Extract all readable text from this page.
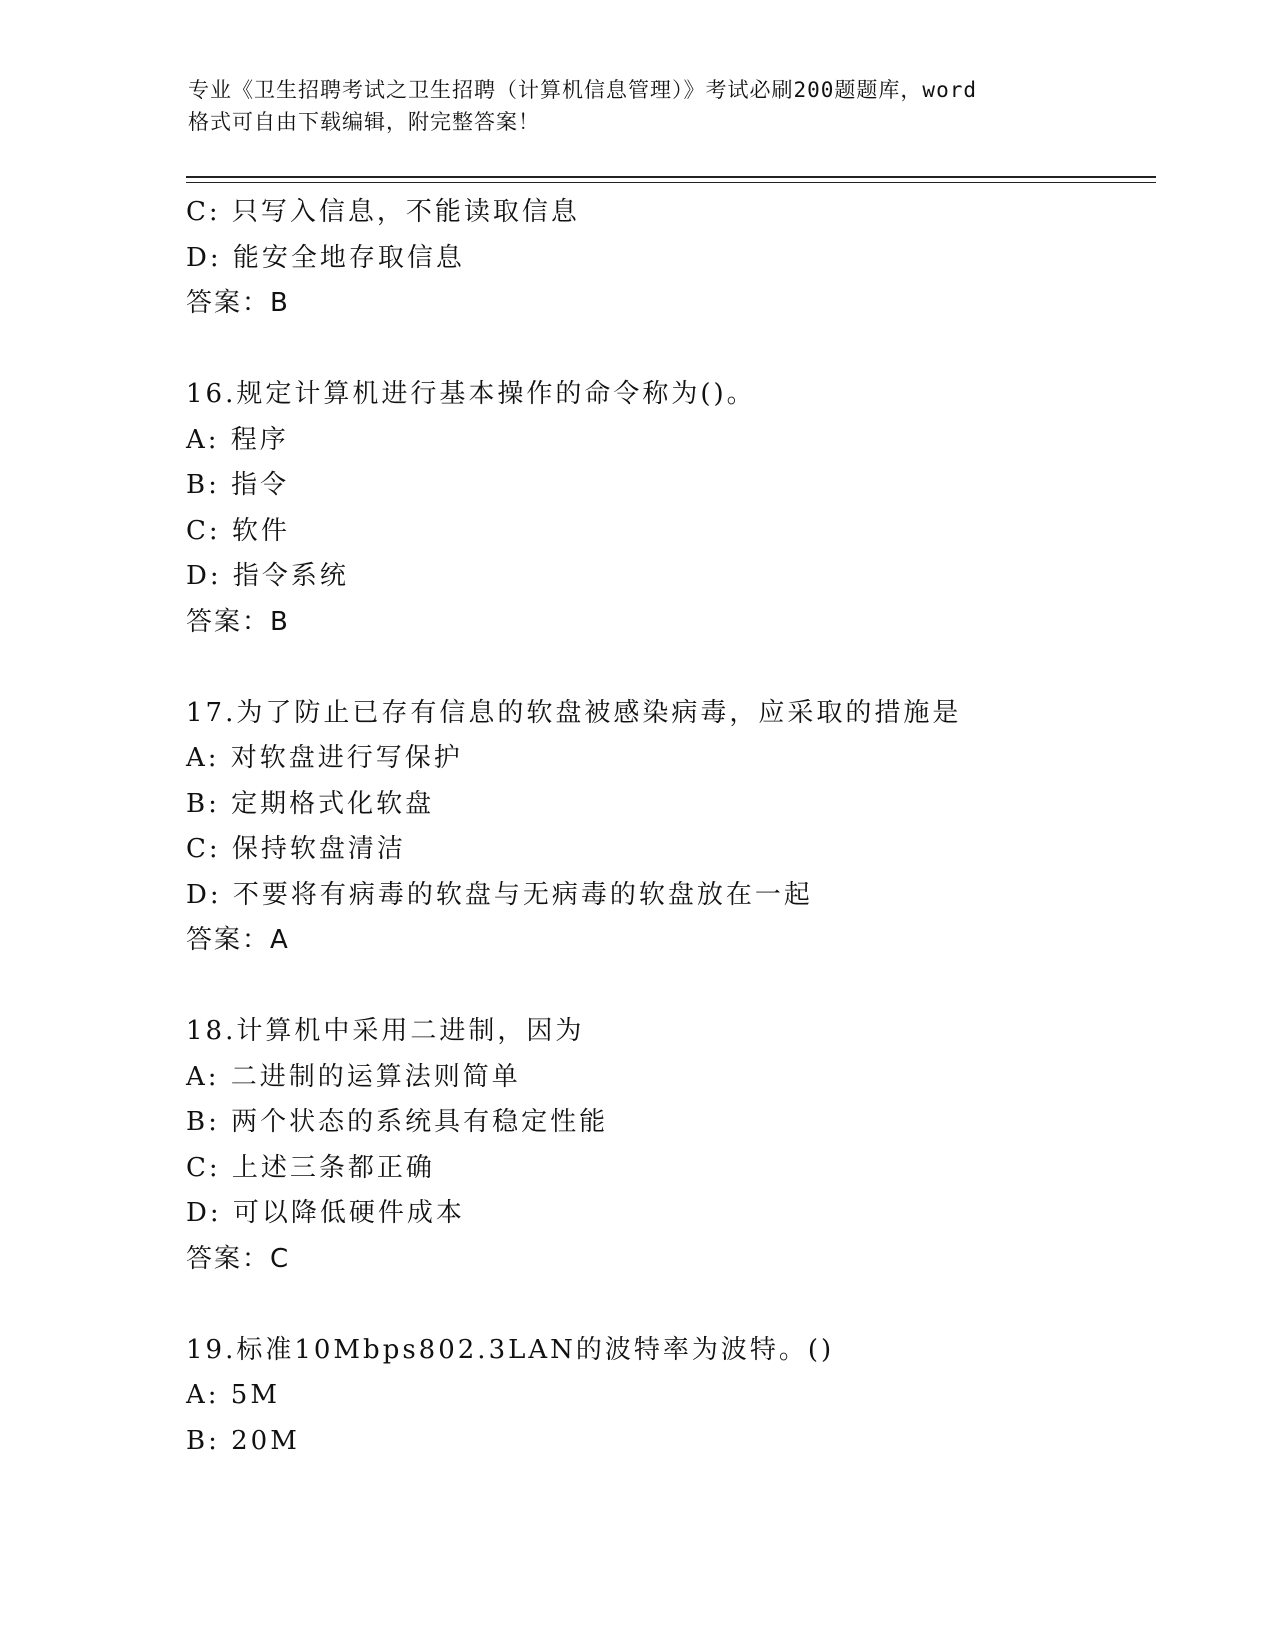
专业《卫生招聘考试之卫生招聘（计算机信息管理）》考试必刷200题题库，word
格式可自由下载编辑，附完整答案！
C: 只写入信息，不能读取信息
D: 能安全地存取信息
答案：B
16.规定计算机进行基本操作的命令称为()。
A: 程序
B: 指令
C: 软件
D: 指令系统
答案：B
17.为了防止已存有信息的软盘被感染病毒，应采取的措施是
A: 对软盘进行写保护
B: 定期格式化软盘
C: 保持软盘清洁
D: 不要将有病毒的软盘与无病毒的软盘放在一起
答案：A
18.计算机中采用二进制，因为
A: 二进制的运算法则简单
B: 两个状态的系统具有稳定性能
C: 上述三条都正确
D: 可以降低硬件成本
答案：C
19.标准10Mbps802.3LAN的波特率为波特。()
A: 5M
B: 20M
